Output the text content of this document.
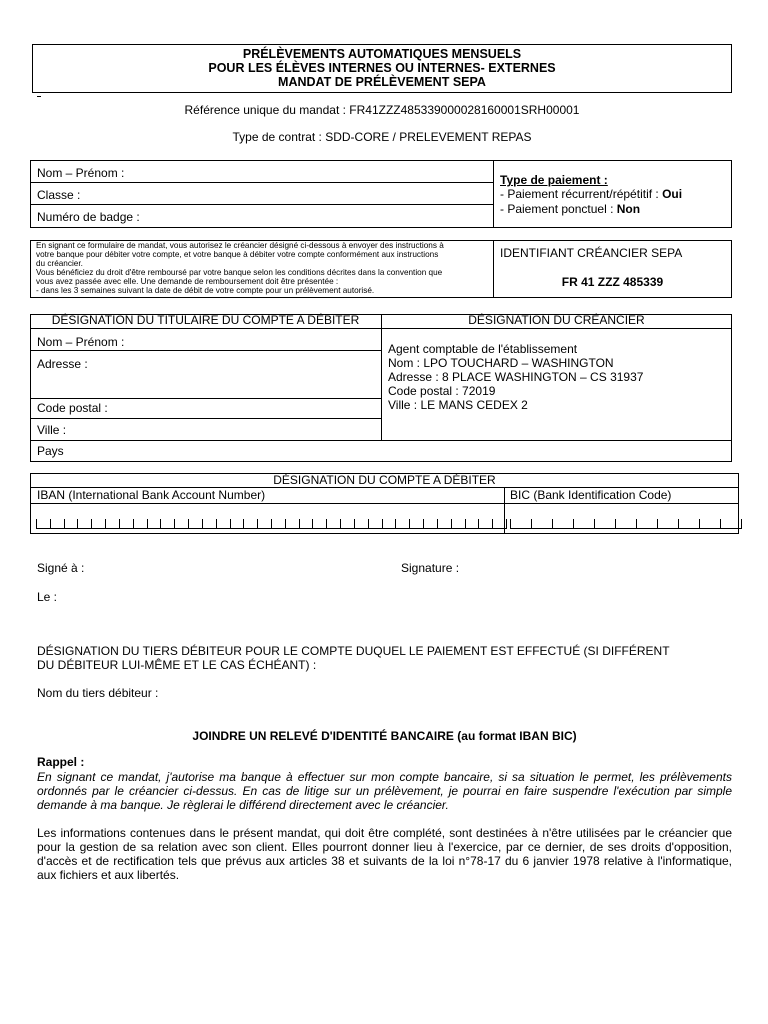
PRÉLÈVEMENTS AUTOMATIQUES MENSUELS
POUR LES ÉLÈVES INTERNES OU INTERNES- EXTERNES
MANDAT DE PRÉLÈVEMENT SEPA
Référence unique du mandat : FR41ZZZ485339000028160001SRH00001
Type de contrat : SDD-CORE / PRELEVEMENT REPAS
Nom – Prénom :
Classe :
Numéro de badge :
Type de paiement :
- Paiement récurrent/répétitif : Oui
- Paiement ponctuel : Non
En signant ce formulaire de mandat, vous autorisez le créancier désigné ci-dessous à envoyer des instructions à
votre banque pour débiter votre compte, et votre banque à débiter votre compte conformément aux instructions
du créancier.
Vous bénéficiez du droit d'être remboursé par votre banque selon les conditions décrites dans la convention que
vous avez passée avec elle. Une demande de remboursement doit être présentée :
- dans les 3 semaines suivant la date de débit de votre compte pour un prélèvement autorisé.
IDENTIFIANT CRÉANCIER SEPA
FR 41 ZZZ 485339
DÉSIGNATION DU TITULAIRE DU COMPTE A DÉBITER	DÉSIGNATION DU CRÉANCIER
Nom – Prénom :
Adresse :
Code postal :
Ville :
Pays
Agent comptable de l'établissement
Nom : LPO TOUCHARD – WASHINGTON
Adresse : 8 PLACE WASHINGTON – CS 31937
Code postal : 72019
Ville : LE MANS CEDEX 2
DÉSIGNATION DU COMPTE A DÉBITER
IBAN (International Bank Account Number)	BIC (Bank Identification Code)
Signé à :	Signature :
Le :
DÉSIGNATION DU TIERS DÉBITEUR POUR LE COMPTE DUQUEL LE PAIEMENT EST EFFECTUÉ (SI DIFFÉRENT
DU DÉBITEUR LUI-MÊME ET LE CAS ÉCHÉANT) :
Nom du tiers débiteur :
JOINDRE UN RELEVÉ D'IDENTITÉ BANCAIRE (au format IBAN BIC)
Rappel :
En signant ce mandat, j'autorise ma banque à effectuer sur mon compte bancaire, si sa situation le permet, les prélèvements ordonnés par le créancier ci-dessus. En cas de litige sur un prélèvement, je pourrai en faire suspendre l'exécution par simple demande à ma banque. Je règlerai le différend directement avec le créancier.
Les informations contenues dans le présent mandat, qui doit être complété, sont destinées à n'être utilisées par le créancier que pour la gestion de sa relation avec son client. Elles pourront donner lieu à l'exercice, par ce dernier, de ses droits d'opposition, d'accès et de rectification tels que prévus aux articles 38 et suivants de la loi n°78-17 du 6 janvier 1978 relative à l'informatique, aux fichiers et aux libertés.
